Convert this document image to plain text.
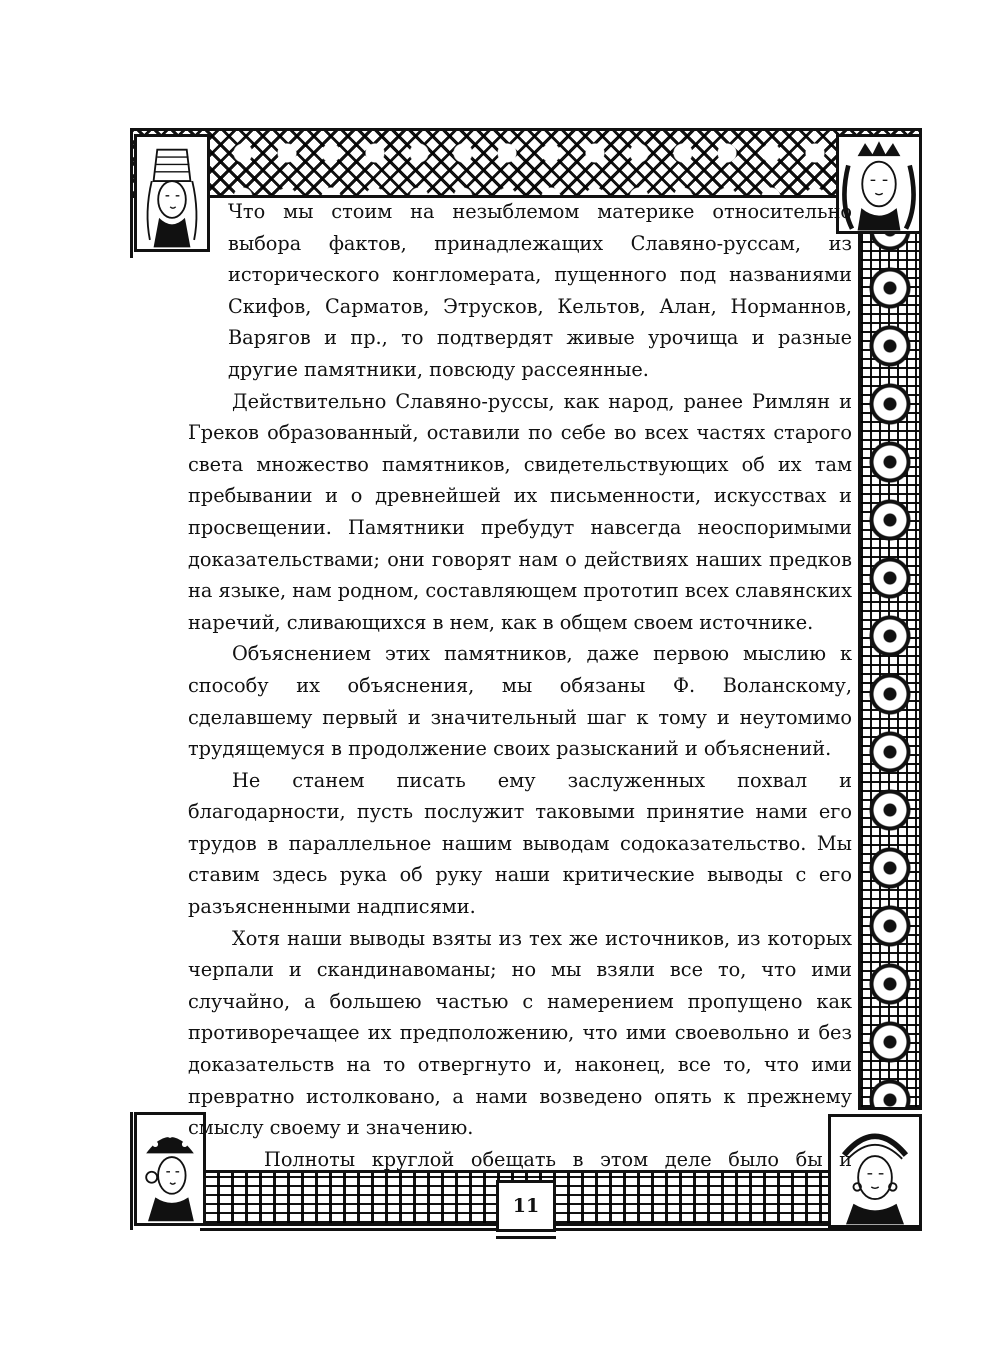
11

Что мы стоим на незыблемом материке относительно выбора фактов, принадлежащих Славяно-руссам, из исторического конгломерата, пущенного под названиями Скифов, Сарматов, Этрусков, Кельтов, Алан, Норманнов, Варягов и пр., то подтвердят живые урочища и разные другие памятники, повсюду рассеянные.

Действительно Славяно-руссы, как народ, ранее Римлян и Греков образованный, оставили по себе во всех частях старого света множество памятников, свидетельствующих об их там пребывании и о древнейшей их письменности, искусствах и просвещении. Памятники пребудут навсегда неоспоримыми доказательствами; они говорят нам о действиях наших предков на языке, нам родном, составляющем прототип всех славянских наречий, сливающихся в нем, как в общем своем источнике.

Объяснением этих памятников, даже первою мыслию к способу их объяснения, мы обязаны Ф. Воланскому, сделавшему первый и значительный шаг к тому и неутомимо трудящемуся в продолжение своих разысканий и объяснений.

Не станем писать ему заслуженных похвал и благодарности, пусть послужит таковыми принятие нами его трудов в параллельное нашим выводам содоказательство. Мы ставим здесь рука об руку наши критические выводы с его разъясненными надписями.

Хотя наши выводы взяты из тех же источников, из которых черпали и скандинавоманы; но мы взяли все то, что ими случайно, а большею частью с намерением пропущено как противоречащее их предположению, что ими своевольно и без доказательств на то отвергнуто и, наконец, все то, что ими превратно истолковано, а нами возведено опять к прежнему смыслу своему и значению.

Полноты круглой обещать в этом деле было бы и
